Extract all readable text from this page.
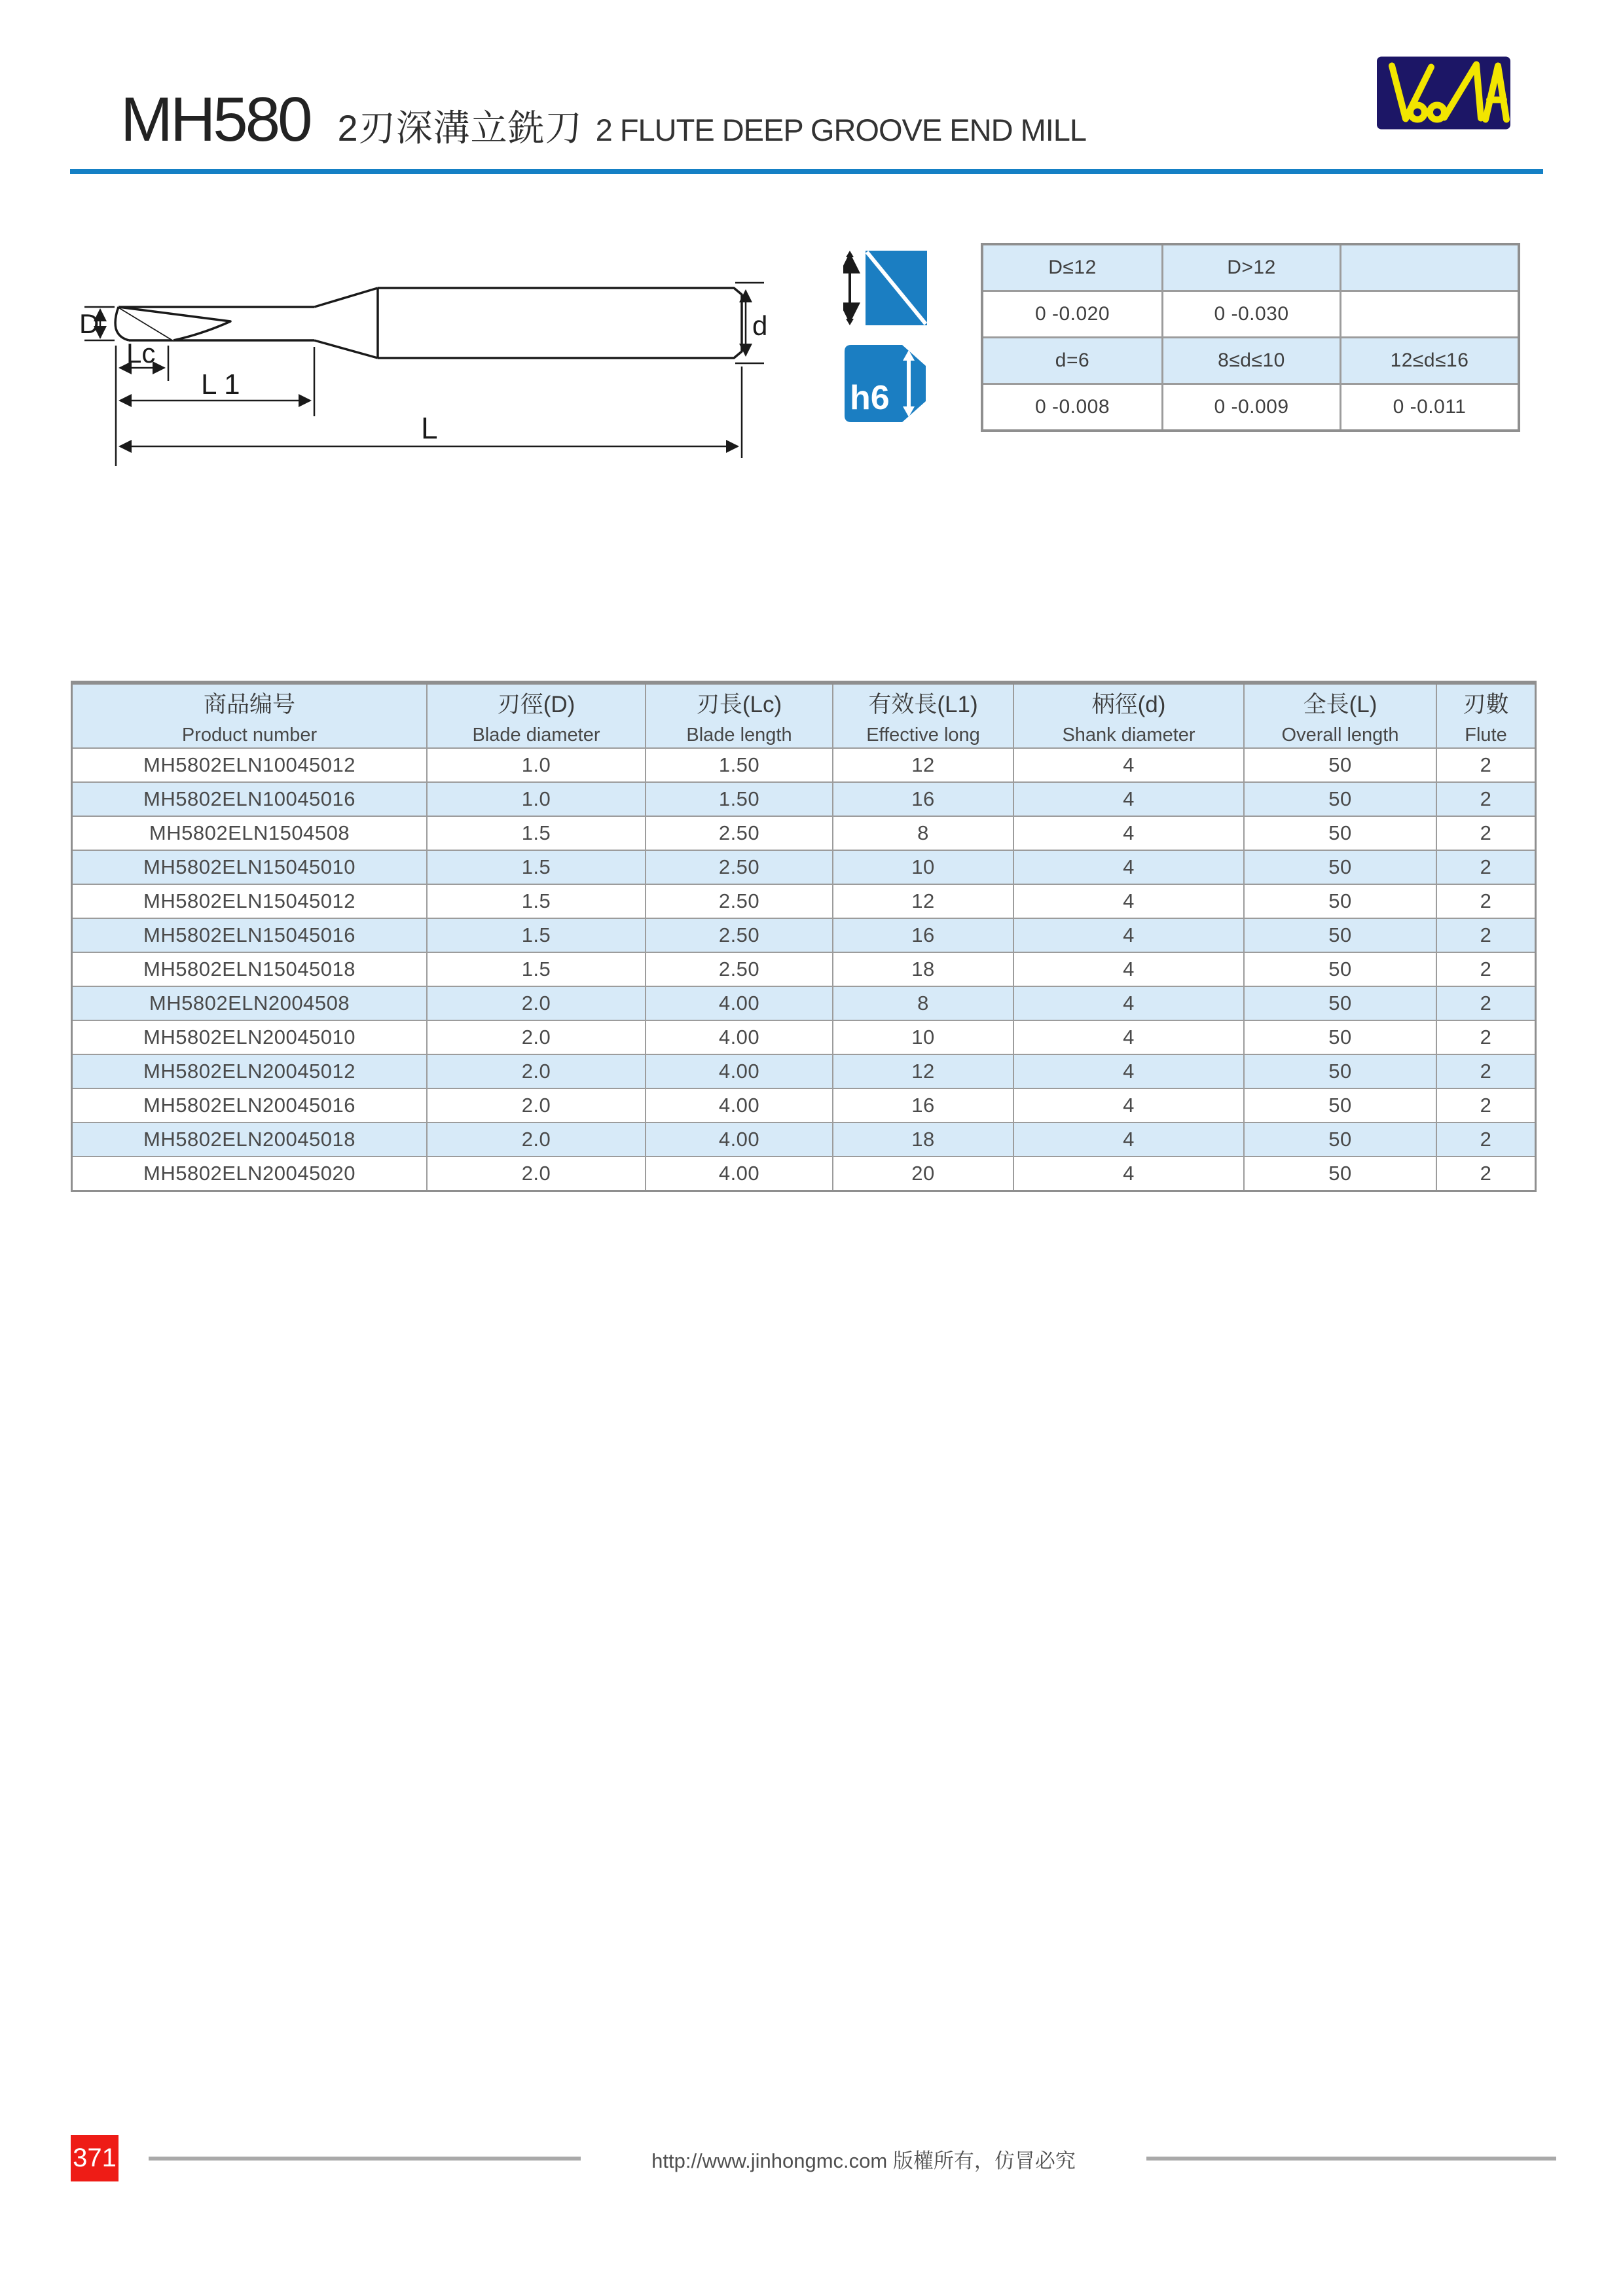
MH580 2刃深溝立銑刀 2 FLUTE DEEP GROOVE END MILL
D
Lc
L 1
L
d
h6
D≤12	D>12
0 -0.020	0 -0.030
d=6	8≤d≤10	12≤d≤16
0 -0.008	0 -0.009	0 -0.011
商品编号
Product number
刃徑(D)
Blade diameter
刃長(Lc)
Blade length
有效長(L1)
Effective long
柄徑(d)
Shank diameter
全長(L)
Overall length
刃數
Flute
MH5802ELN10045012	1.0	1.50	12	4	50	2
MH5802ELN10045016	1.0	1.50	16	4	50	2
MH5802ELN1504508	1.5	2.50	8	4	50	2
MH5802ELN15045010	1.5	2.50	10	4	50	2
MH5802ELN15045012	1.5	2.50	12	4	50	2
MH5802ELN15045016	1.5	2.50	16	4	50	2
MH5802ELN15045018	1.5	2.50	18	4	50	2
MH5802ELN2004508	2.0	4.00	8	4	50	2
MH5802ELN20045010	2.0	4.00	10	4	50	2
MH5802ELN20045012	2.0	4.00	12	4	50	2
MH5802ELN20045016	2.0	4.00	16	4	50	2
MH5802ELN20045018	2.0	4.00	18	4	50	2
MH5802ELN20045020	2.0	4.00	20	4	50	2
371	http://www.jinhongmc.com 版權所有，仿冒必究
